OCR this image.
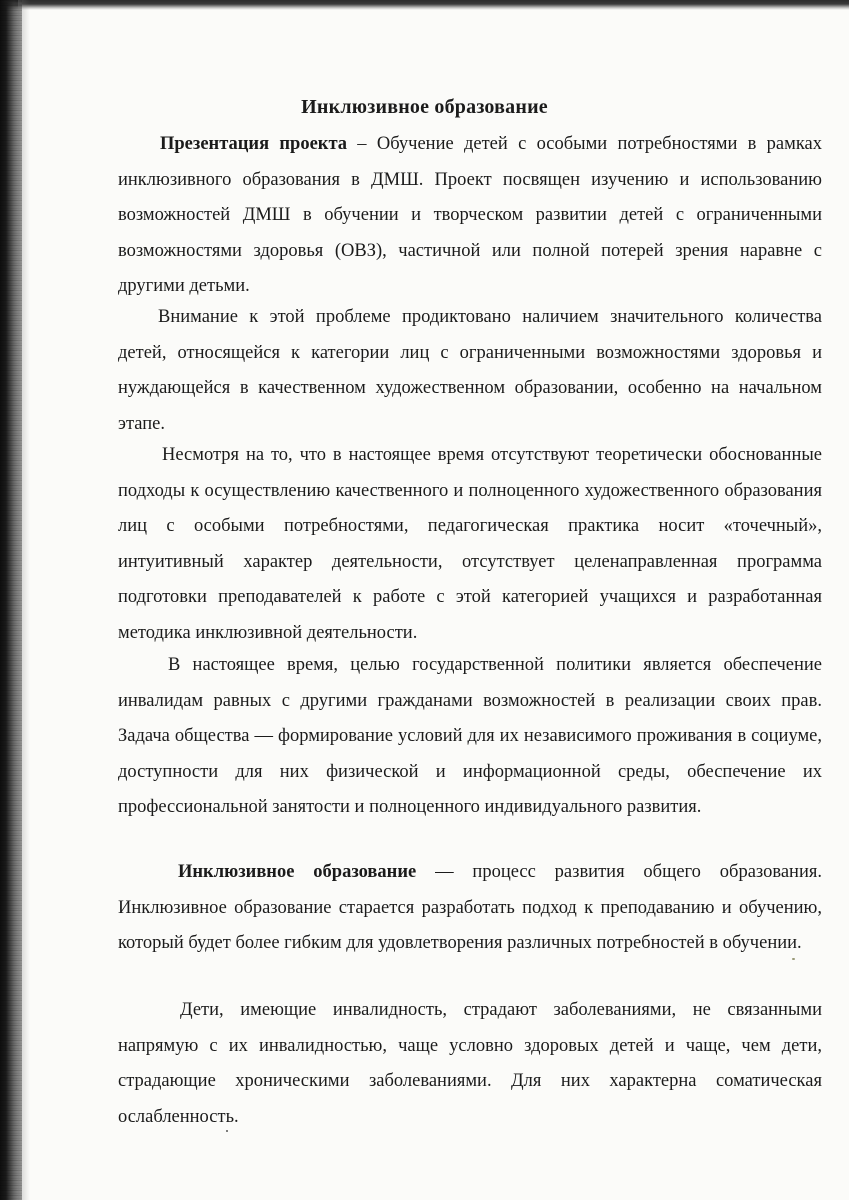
Инклюзивное образование

Презентация проекта – Обучение детей с особыми потребностями в рамках инклюзивного образования в ДМШ. Проект посвящен изучению и использованию возможностей ДМШ в обучении и творческом развитии детей с ограниченными возможностями здоровья (ОВЗ), частичной или полной потерей зрения наравне с другими детьми.

Внимание к этой проблеме продиктовано наличием значительного количества детей, относящейся к категории лиц с ограниченными возможностями здоровья и нуждающейся в качественном художественном образовании, особенно на начальном этапе.

Несмотря на то, что в настоящее время отсутствуют теоретически обоснованные подходы к осуществлению качественного и полноценного художественного образования лиц с особыми потребностями, педагогическая практика носит «точечный», интуитивный характер деятельности, отсутствует целенаправленная программа подготовки преподавателей к работе с этой категорией учащихся и разработанная методика инклюзивной деятельности.

В настоящее время, целью государственной политики является обеспечение инвалидам равных с другими гражданами возможностей в реализации своих прав. Задача общества — формирование условий для их независимого проживания в социуме, доступности для них физической и информационной среды, обеспечение их профессиональной занятости и полноценного индивидуального развития.

Инклюзивное образование — процесс развития общего образования. Инклюзивное образование старается разработать подход к преподаванию и обучению, который будет более гибким для удовлетворения различных потребностей в обучении.

Дети, имеющие инвалидность, страдают заболеваниями, не связанными напрямую с их инвалидностью, чаще условно здоровых детей и чаще, чем дети, страдающие хроническими заболеваниями. Для них характерна соматическая ослабленность.
